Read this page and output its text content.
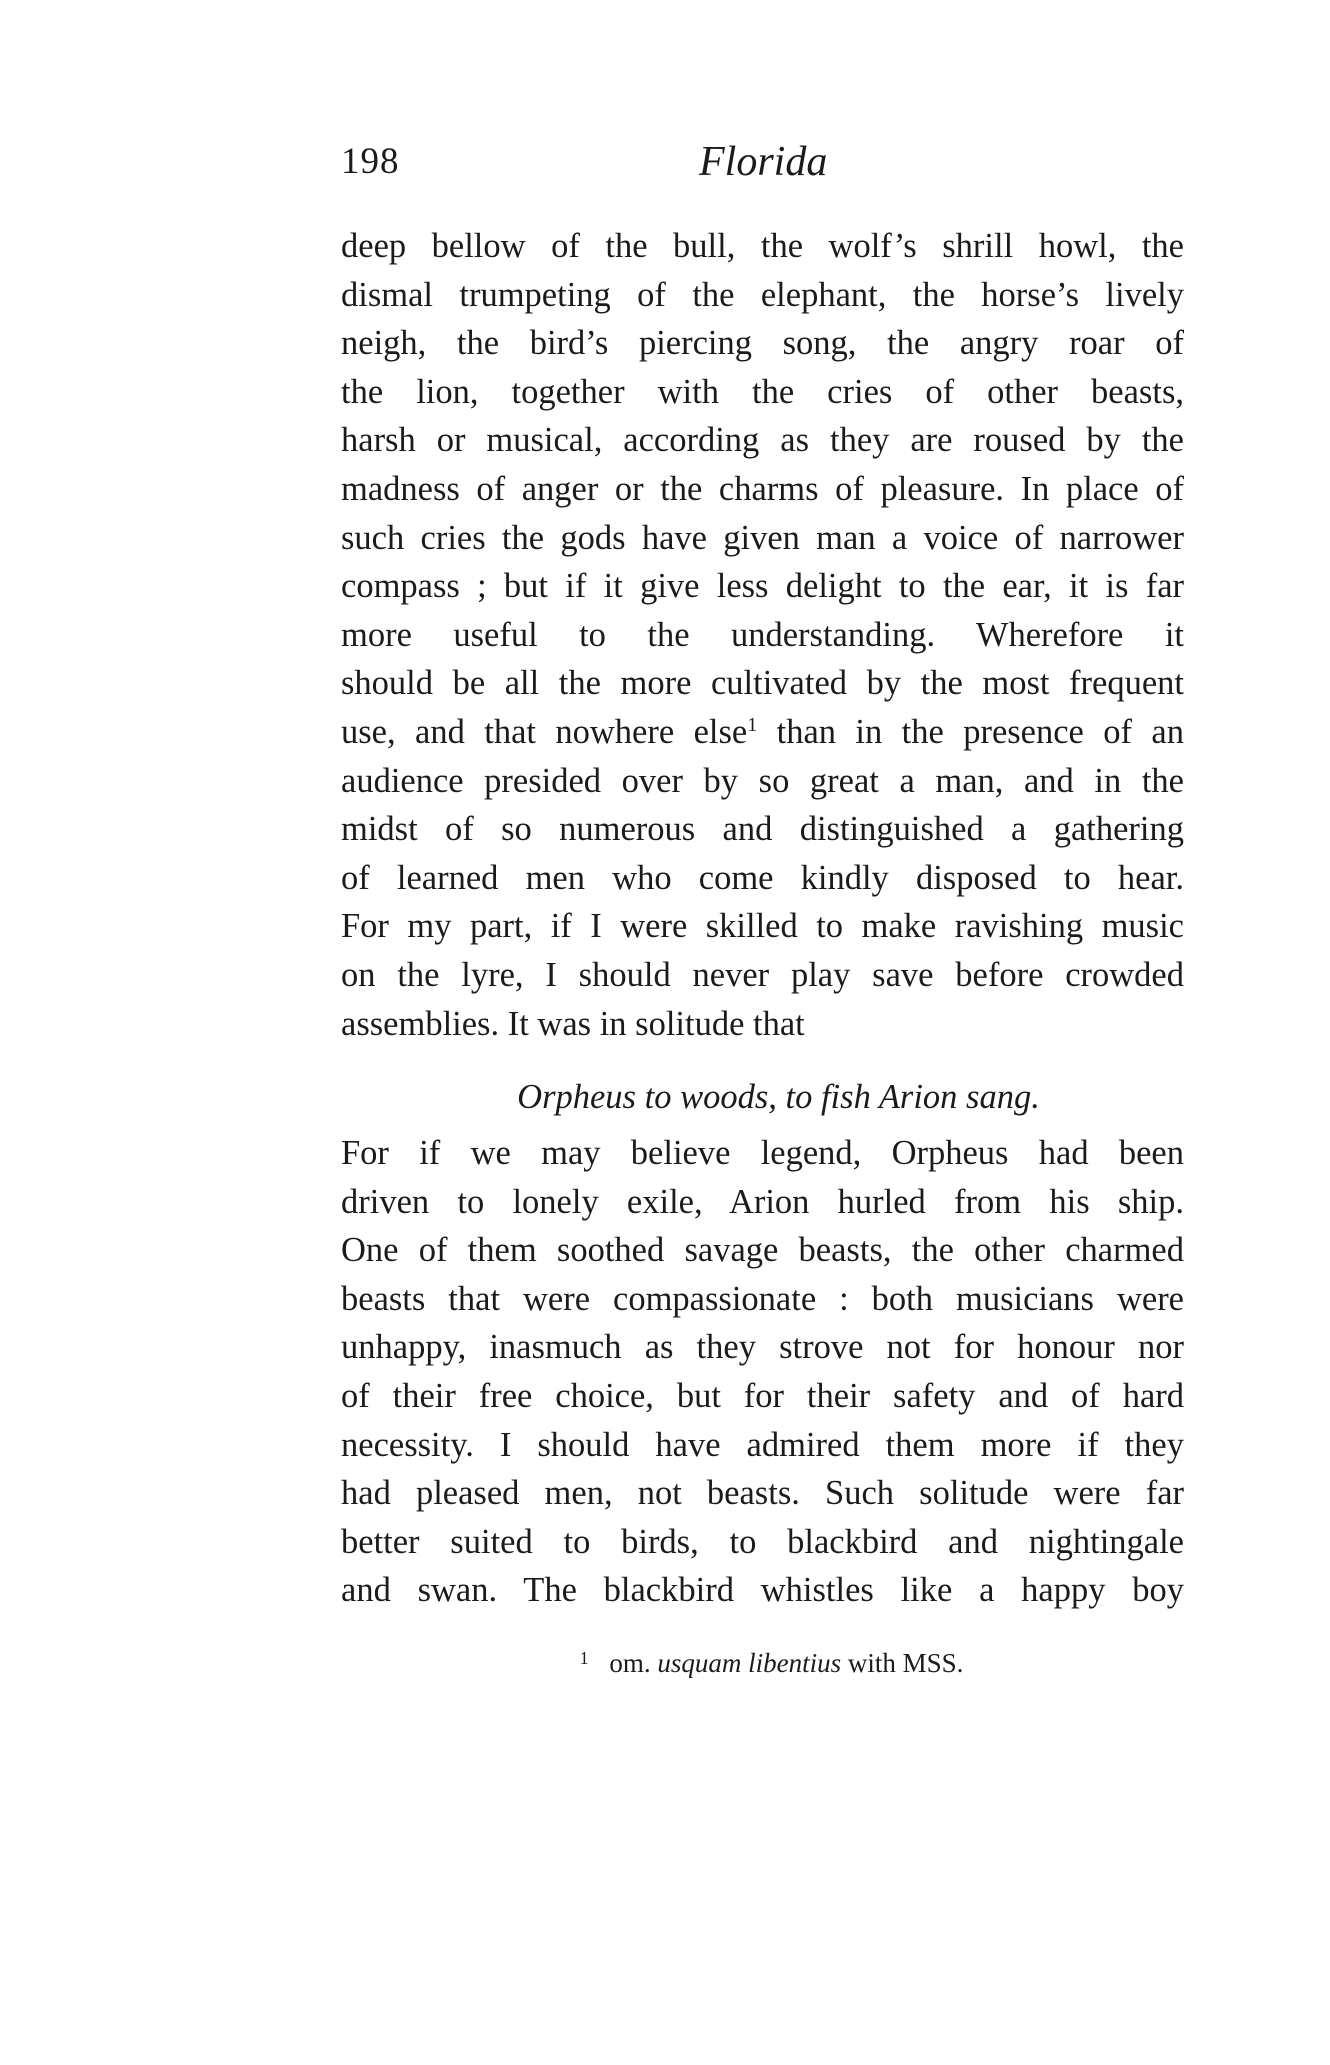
198	Florida
deep bellow of the bull, the wolf’s shrill howl, the
dismal trumpeting of the elephant, the horse’s lively
neigh, the bird’s piercing song, the angry roar of
the lion, together with the cries of other beasts,
harsh or musical, according as they are roused by the
madness of anger or the charms of pleasure. In place of
such cries the gods have given man a voice of narrower
compass ; but if it give less delight to the ear, it is far
more useful to the understanding. Wherefore it
should be all the more cultivated by the most frequent
use, and that nowhere else$^1$ than in the presence of an
audience presided over by so great a man, and in the
midst of so numerous and distinguished a gathering
of learned men who come kindly disposed to hear.
For my part, if I were skilled to make ravishing music
on the lyre, I should never play save before crowded
assemblies. It was in solitude that
Orpheus to woods, to fish Arion sang.
For if we may believe legend, Orpheus had been
driven to lonely exile, Arion hurled from his ship.
One of them soothed savage beasts, the other charmed
beasts that were compassionate : both musicians were
unhappy, inasmuch as they strove not for honour nor
of their free choice, but for their safety and of hard
necessity. I should have admired them more if they
had pleased men, not beasts. Such solitude were far
better suited to birds, to blackbird and nightingale
and swan. The blackbird whistles like a happy boy
$^1$ om. usquam libentius with MSS.
